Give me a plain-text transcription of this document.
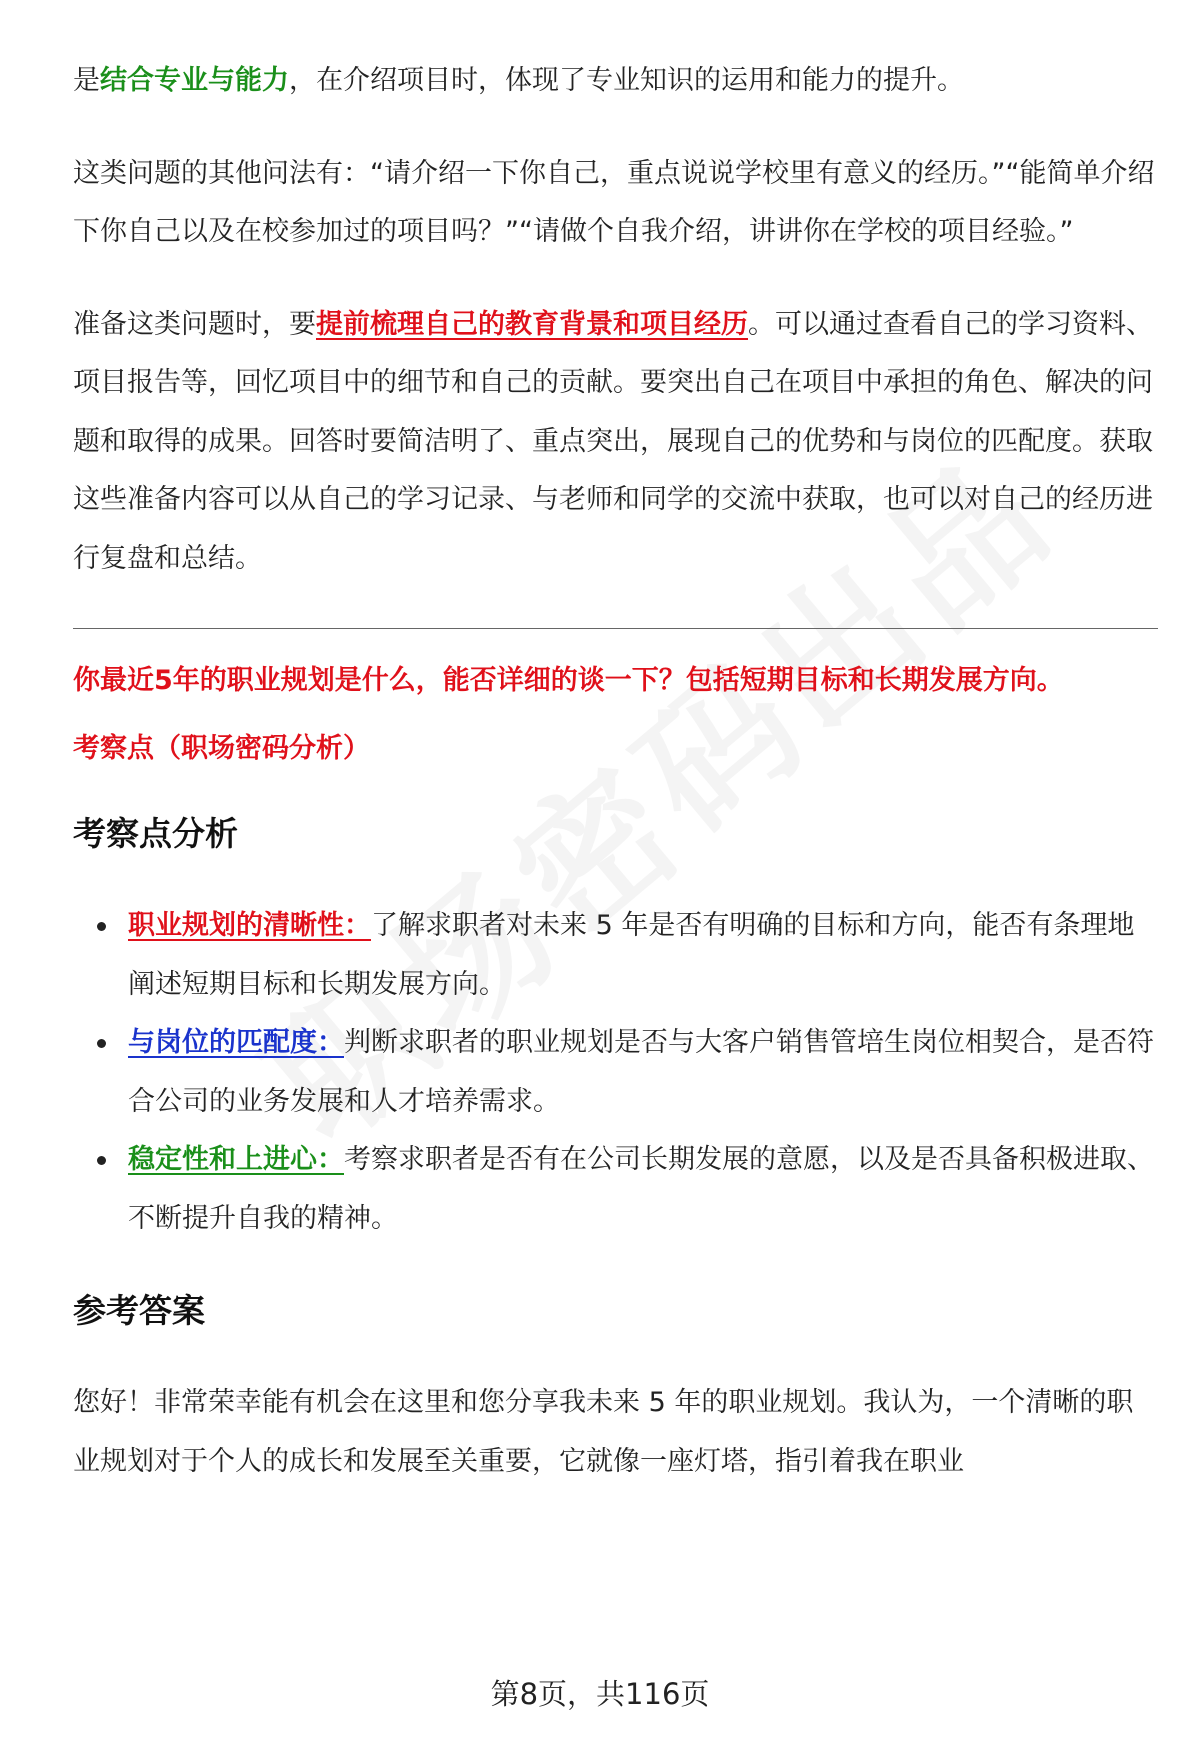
是结合专业与能力，在介绍项目时，体现了专业知识的运用和能力的提升。

这类问题的其他问法有：“请介绍一下你自己，重点说说学校里有意义的经历。”“能简单介绍下你自己以及在校参加过的项目吗？”“请做个自我介绍，讲讲你在学校的项目经验。”

准备这类问题时，要提前梳理自己的教育背景和项目经历。可以通过查看自己的学习资料、项目报告等，回忆项目中的细节和自己的贡献。要突出自己在项目中承担的角色、解决的问题和取得的成果。回答时要简洁明了、重点突出，展现自己的优势和与岗位的匹配度。获取这些准备内容可以从自己的学习记录、与老师和同学的交流中获取，也可以对自己的经历进行复盘和总结。

你最近5年的职业规划是什么，能否详细的谈一下？包括短期目标和长期发展方向。

考察点（职场密码分析）

考察点分析
职业规划的清晰性：了解求职者对未来 5 年是否有明确的目标和方向，能否有条理地阐述短期目标和长期发展方向。
与岗位的匹配度：判断求职者的职业规划是否与大客户销售管培生岗位相契合，是否符合公司的业务发展和人才培养需求。
稳定性和上进心：考察求职者是否有在公司长期发展的意愿，以及是否具备积极进取、不断提升自我的精神。
参考答案

您好！非常荣幸能有机会在这里和您分享我未来 5 年的职业规划。我认为，一个清晰的职业规划对于个人的成长和发展至关重要，它就像一座灯塔，指引着我在职业

第8页，共116页
